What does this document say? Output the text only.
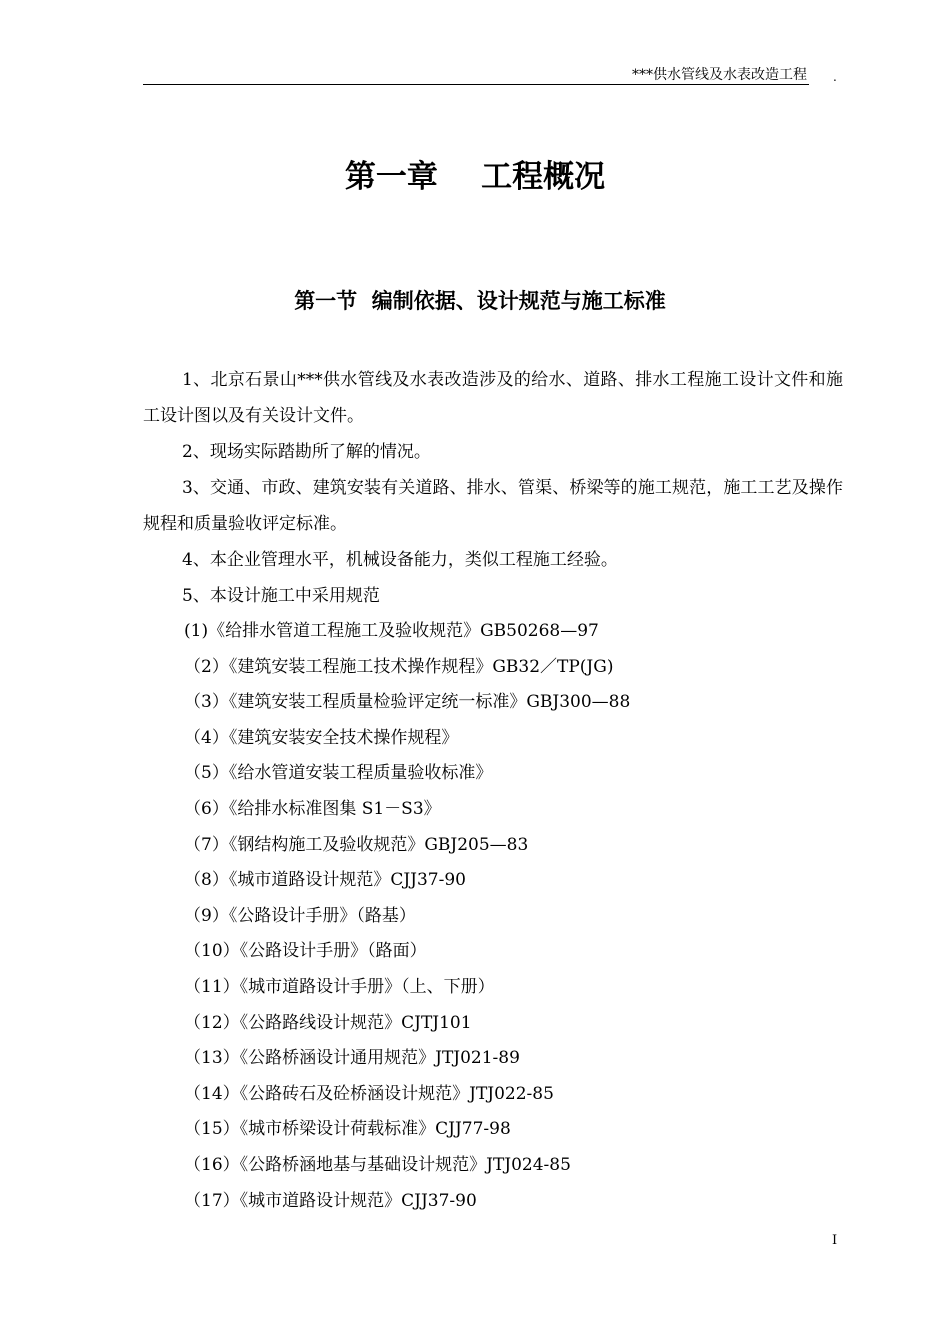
***供水管线及水表改造工程 .
第一章    工程概况
第一节  编制依据、设计规范与施工标准

1、北京石景山***供水管线及水表改造涉及的给水、道路、排水工程施工设计文件和施工设计图以及有关设计文件。

2、现场实际踏勘所了解的情况。

3、交通、市政、建筑安装有关道路、排水、管渠、桥梁等的施工规范，施工工艺及操作规程和质量验收评定标准。

4、本企业管理水平，机械设备能力，类似工程施工经验。

5、本设计施工中采用规范

(1)《给排水管道工程施工及验收规范》GB50268—97

（2）《建筑安装工程施工技术操作规程》GB32／TP(JG)

（3）《建筑安装工程质量检验评定统一标准》GBJ300—88

（4）《建筑安装安全技术操作规程》

（5）《给水管道安装工程质量验收标准》

（6）《给排水标准图集 S1－S3》

（7）《钢结构施工及验收规范》GBJ205—83

（8）《城市道路设计规范》CJJ37-90

（9）《公路设计手册》（路基）

（10）《公路设计手册》（路面）

（11）《城市道路设计手册》（上、下册）

（12）《公路路线设计规范》CJTJ101

（13）《公路桥涵设计通用规范》JTJ021-89

（14）《公路砖石及砼桥涵设计规范》JTJ022-85

（15）《城市桥梁设计荷载标准》CJJ77-98

（16）《公路桥涵地基与基础设计规范》JTJ024-85

（17）《城市道路设计规范》CJJ37-90

I
